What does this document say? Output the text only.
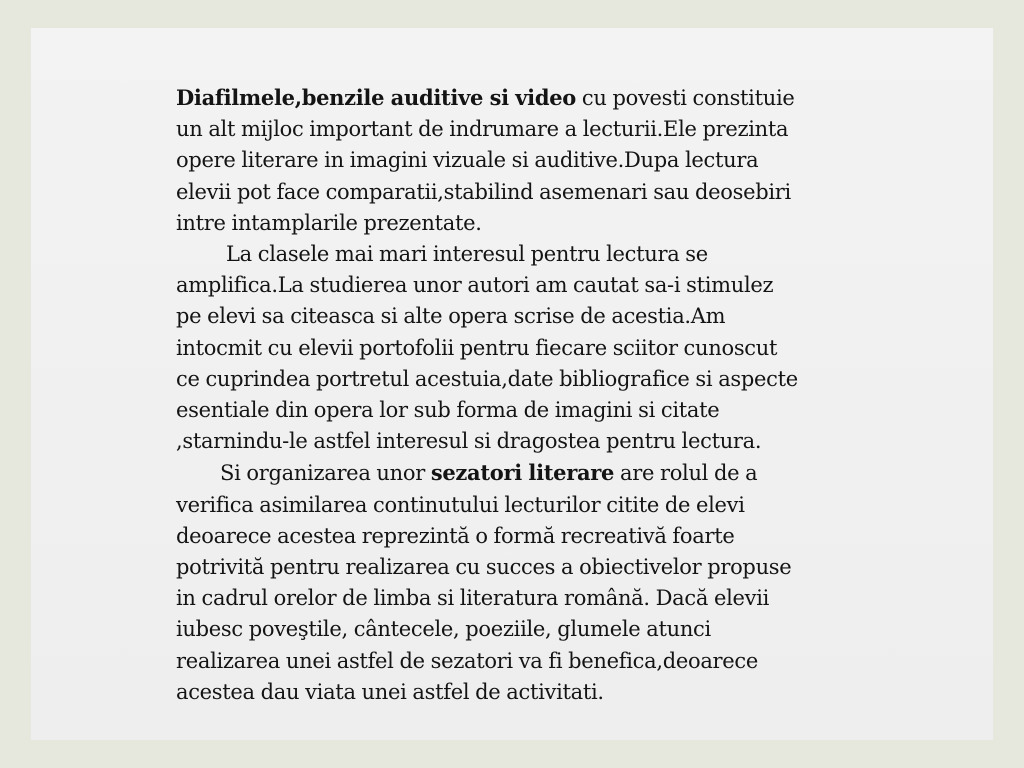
Diafilmele,benzile auditive si video cu povesti constituie
un alt mijloc important de indrumare a lecturii.Ele prezinta
opere literare in imagini vizuale si auditive.Dupa lectura
elevii pot face comparatii,stabilind asemenari sau deosebiri
intre intamplarile prezentate.
La clasele mai mari interesul pentru lectura se
amplifica.La studierea unor autori am cautat sa-i stimulez
pe elevi sa citeasca si alte opera scrise de acestia.Am
intocmit cu elevii portofolii pentru fiecare sciitor cunoscut
ce cuprindea portretul acestuia,date bibliografice si aspecte
esentiale din opera lor sub forma de imagini si citate
,starnindu-le astfel interesul si dragostea pentru lectura.
Si organizarea unor sezatori literare are rolul de a
verifica asimilarea continutului lecturilor citite de elevi
deoarece acestea reprezintă o formă recreativă foarte
potrivită pentru realizarea cu succes a obiectivelor propuse
in cadrul orelor de limba si literatura română. Dacă elevii
iubesc poveştile, cântecele, poeziile, glumele atunci
realizarea unei astfel de sezatori va fi benefica,deoarece
acestea dau viata unei astfel de activitati.
